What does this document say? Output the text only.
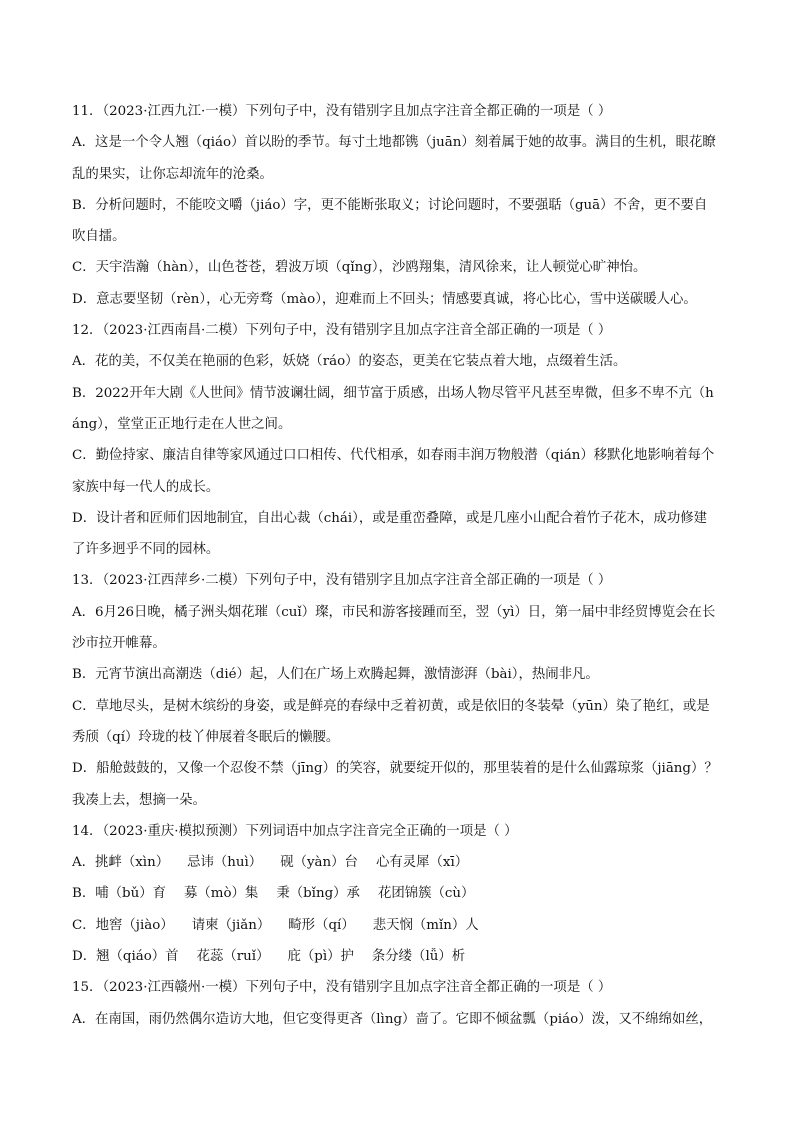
11．（2023·江西九江·一模）下列句子中，没有错别字且加点字注音全都正确的一项是（ ）

A．这是一个令人翘（qiáo）首以盼的季节。每寸土地都镌（juān）刻着属于她的故事。满目的生机，眼花瞭乱的果实，让你忘却流年的沧桑。

B．分析问题时，不能咬文嚼（jiáo）字，更不能断张取义；讨论问题时，不要强聒（guā）不舍，更不要自吹自擂。

C．天宇浩瀚（hàn），山色苍苍，碧波万顷（qǐng），沙鸥翔集，清风徐来，让人顿觉心旷神怡。

D．意志要坚韧（rèn），心无旁骛（mào），迎难而上不回头；情感要真诚，将心比心，雪中送碳暖人心。

12．（2023·江西南昌·二模）下列句子中，没有错别字且加点字注音全部正确的一项是（ ）

A．花的美，不仅美在艳丽的色彩，妖娆（ráo）的姿态，更美在它装点着大地，点缀着生活。

B．2022开年大剧《人世间》情节波谰壮阔，细节富于质感，出场人物尽管平凡甚至卑微，但多不卑不亢（háng），堂堂正正地行走在人世之间。

C．勤俭持家、廉洁自律等家风通过口口相传、代代相承，如春雨丰润万物般潜（qián）移默化地影响着每个家族中每一代人的成长。

D．设计者和匠师们因地制宜，自出心裁（chái），或是重峦叠障，或是几座小山配合着竹子花木，成功修建了许多迥乎不同的园林。

13．（2023·江西萍乡·二模）下列句子中，没有错别字且加点字注音全部正确的一项是（ ）

A．6月26日晚，橘子洲头烟花璀（cuǐ）璨，市民和游客接踵而至，翌（yì）日，第一届中非经贸博览会在长沙市拉开帷幕。

B．元宵节演出高潮迭（dié）起，人们在广场上欢腾起舞，激情澎湃（bài），热闹非凡。

C．草地尽头，是树木缤纷的身姿，或是鲜亮的春绿中乏着初黄，或是依旧的冬装晕（yūn）染了艳红，或是秀颀（qí）玲珑的枝丫伸展着冬眠后的懒腰。

D．船舱鼓鼓的，又像一个忍俊不禁（jīng）的笑容，就要绽开似的，那里装着的是什么仙露琼浆（jiāng）？我凑上去，想摘一朵。

14．（2023·重庆·模拟预测）下列词语中加点字注音完全正确的一项是（ ）

A．挑衅（xìn） 忌讳（huì） 砚（yàn）台 心有灵犀（xī）

B．哺（bǔ）育 募（mò）集 秉（bǐng）承 花团锦簇（cù）

C．地窖（jiào） 请柬（jiǎn） 畸形（qí） 悲天悯（mǐn）人

D．翘（qiáo）首 花蕊（ruǐ） 庇（pì）护 条分缕（lǚ）析

15．（2023·江西赣州·一模）下列句子中，没有错别字且加点字注音全都正确的一项是（ ）

A．在南国，雨仍然偶尔造访大地，但它变得更吝（lìng）啬了。它即不倾盆瓢（piáo）泼，又不绵绵如丝，
